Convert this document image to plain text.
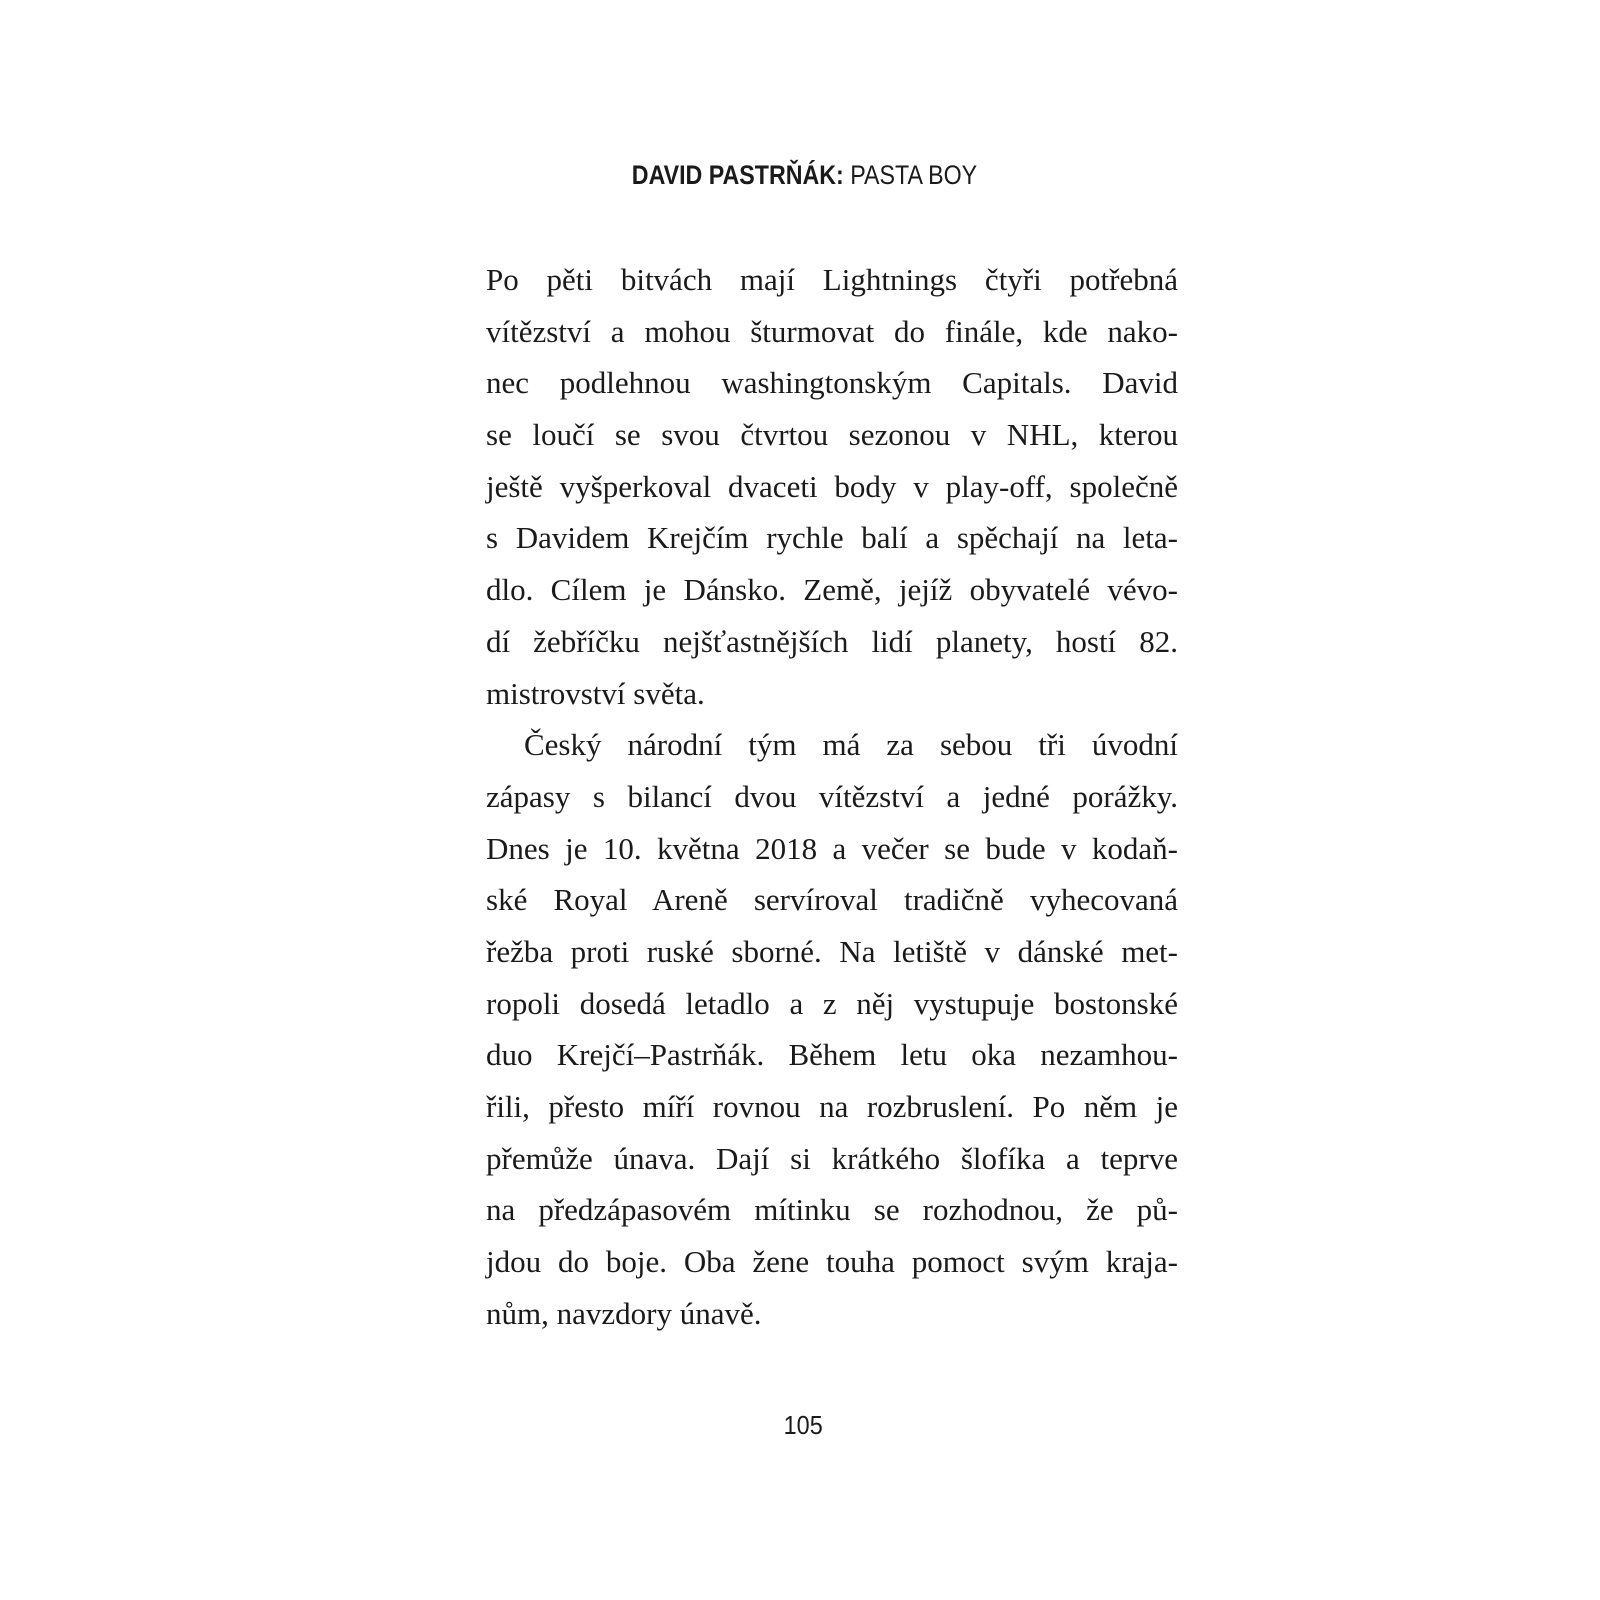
DAVID PASTRŇÁK: PASTA BOY
Po pěti bitvách mají Lightnings čtyři potřebná
vítězství a mohou šturmovat do finále, kde nako-
nec podlehnou washingtonským Capitals. David
se loučí se svou čtvrtou sezonou v NHL, kterou
ještě vyšperkoval dvaceti body v play-off, společně
s Davidem Krejčím rychle balí a spěchají na leta-
dlo. Cílem je Dánsko. Země, jejíž obyvatelé vévo-
dí žebříčku nejšťastnějších lidí planety, hostí 82.
mistrovství světa.
Český národní tým má za sebou tři úvodní
zápasy s bilancí dvou vítězství a jedné porážky.
Dnes je 10. května 2018 a večer se bude v kodaň-
ské Royal Areně servíroval tradičně vyhecovaná
řežba proti ruské sborné. Na letiště v dánské met-
ropoli dosedá letadlo a z něj vystupuje bostonské
duo Krejčí–Pastrňák. Během letu oka nezamhou-
řili, přesto míří rovnou na rozbruslení. Po něm je
přemůže únava. Dají si krátkého šlofíka a teprve
na předzápasovém mítinku se rozhodnou, že pů-
jdou do boje. Oba žene touha pomoct svým kraja-
nům, navzdory únavě.
105
